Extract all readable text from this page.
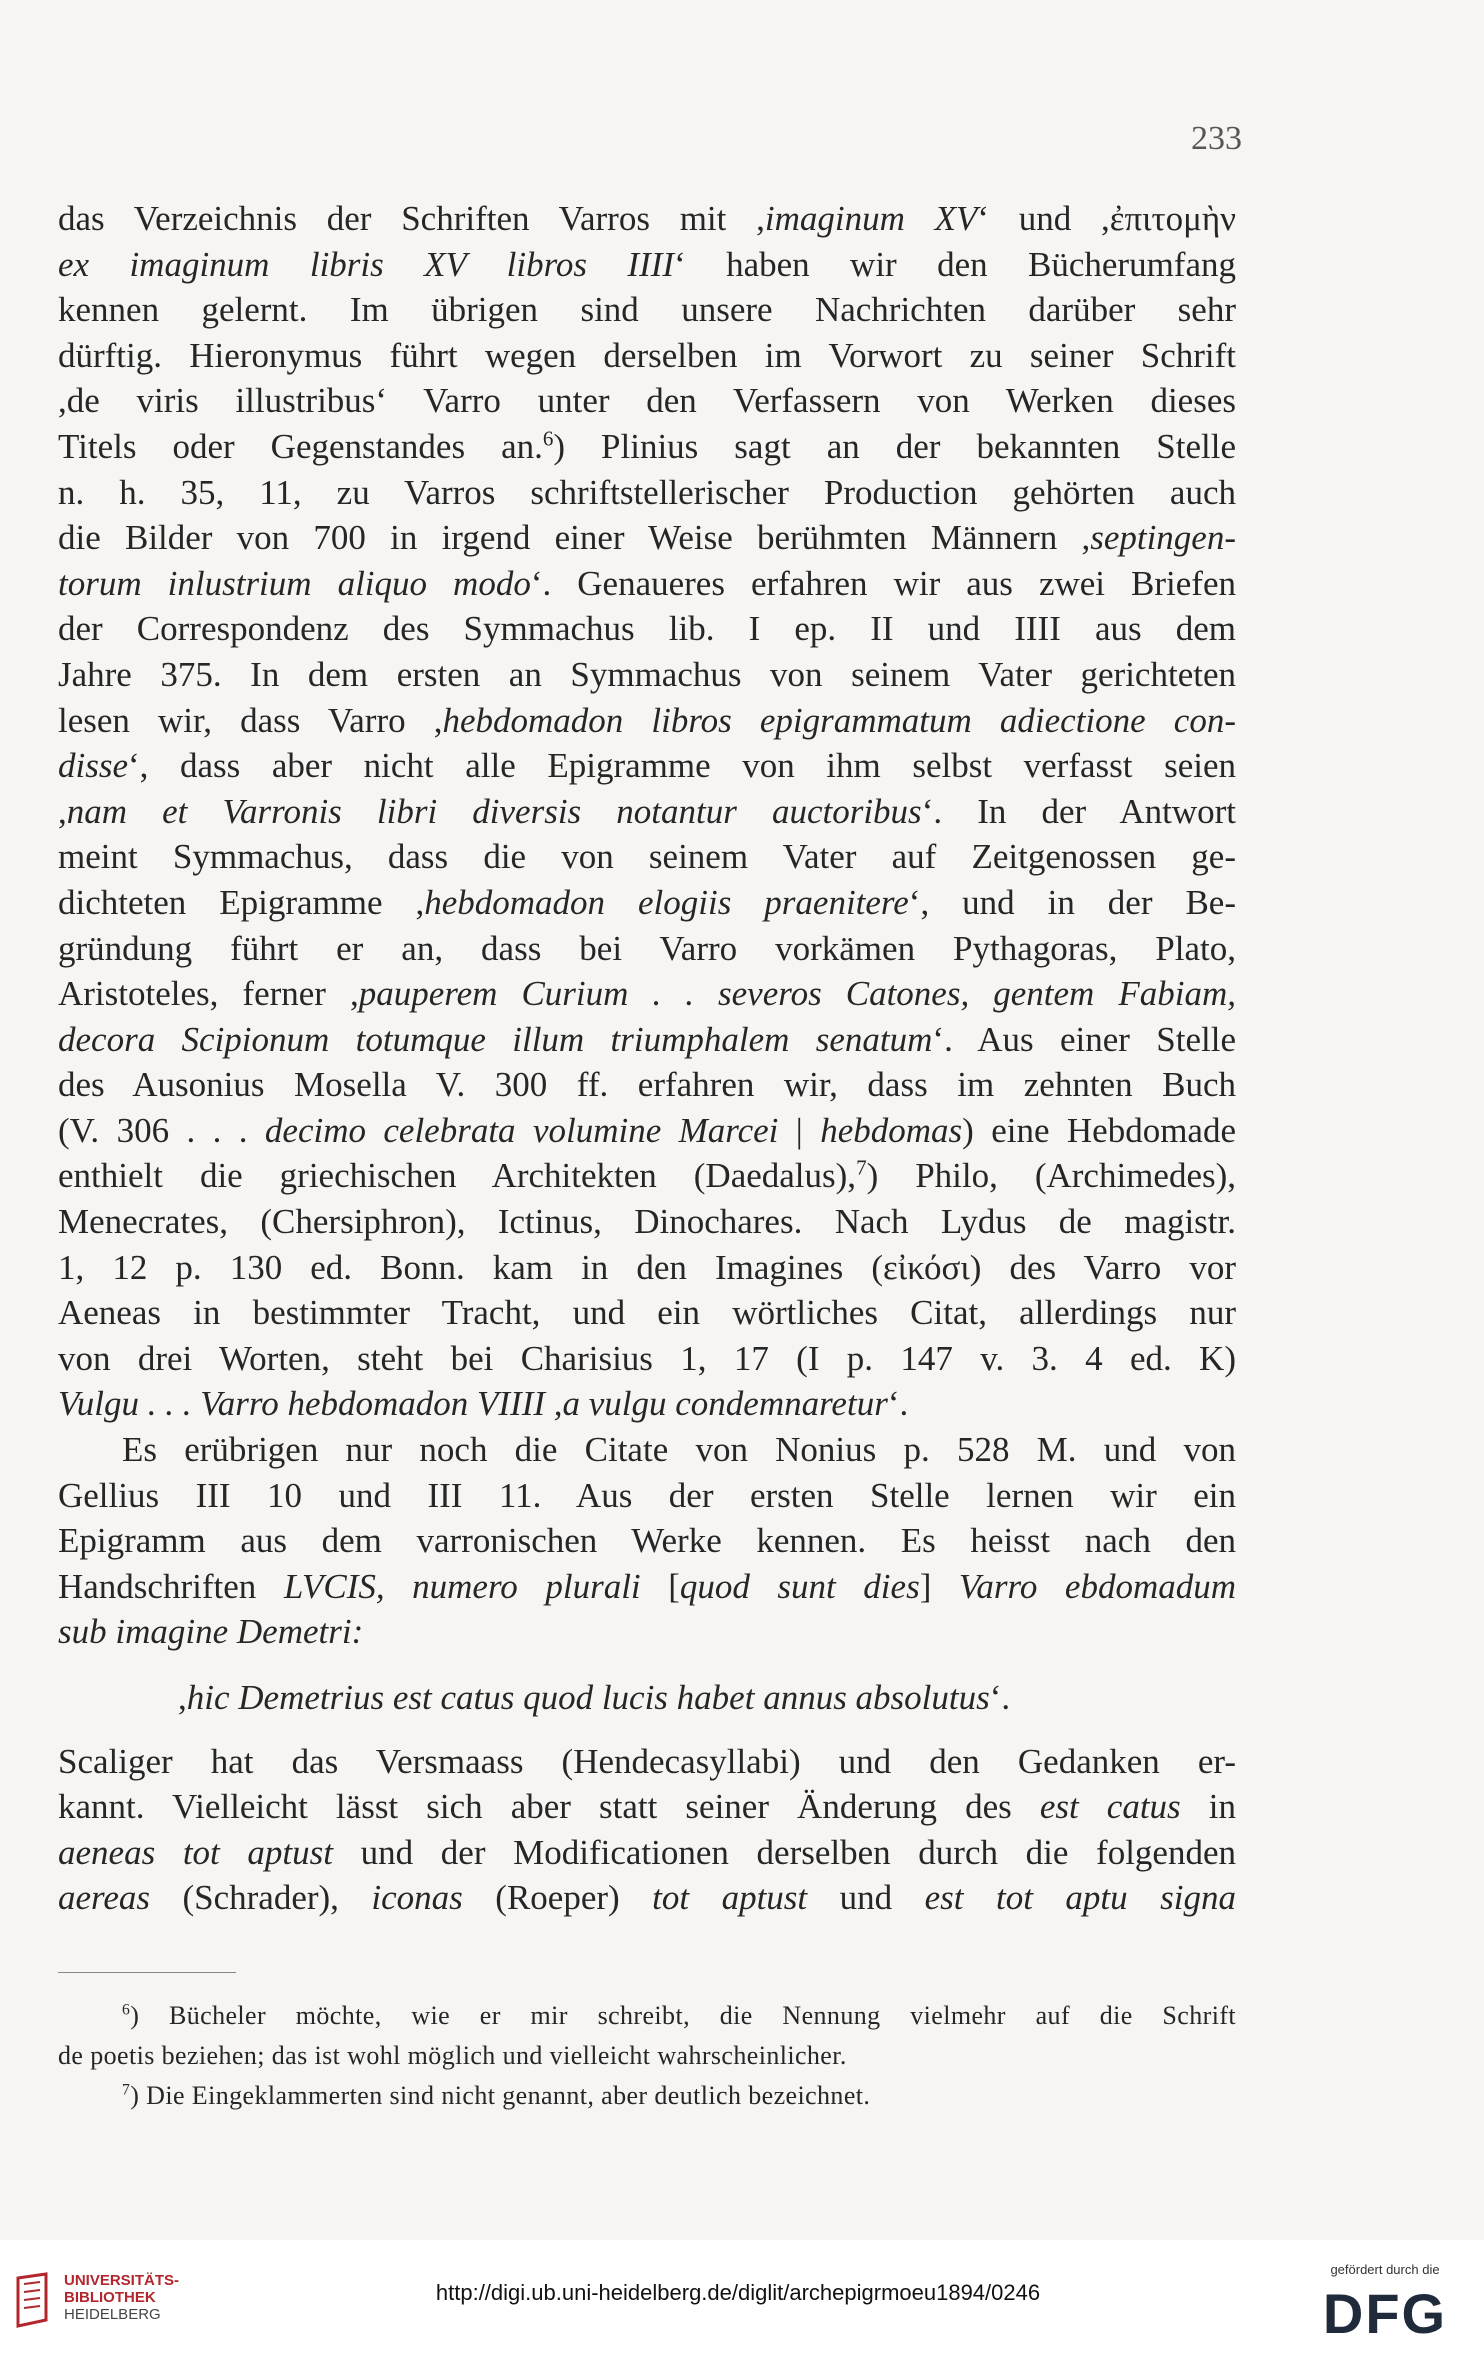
233
das Verzeichnis der Schriften Varros mit ,imaginum XV‘ und ,ἐπιτομὴν
ex imaginum libris XV libros IIII‘ haben wir den Bücherumfang
kennen gelernt. Im übrigen sind unsere Nachrichten darüber sehr
dürftig. Hieronymus führt wegen derselben im Vorwort zu seiner Schrift
,de viris illustribus‘ Varro unter den Verfassern von Werken dieses
Titels oder Gegenstandes an.$^6$) Plinius sagt an der bekannten Stelle
n. h. 35, 11, zu Varros schriftstellerischer Production gehörten auch
die Bilder von 700 in irgend einer Weise berühmten Männern ,septingen-
torum inlustrium aliquo modo‘. Genaueres erfahren wir aus zwei Briefen
der Correspondenz des Symmachus lib. I ep. II und IIII aus dem
Jahre 375. In dem ersten an Symmachus von seinem Vater gerichteten
lesen wir, dass Varro ,hebdomadon libros epigrammatum adiectione con-
disse‘, dass aber nicht alle Epigramme von ihm selbst verfasst seien
,nam et Varronis libri diversis notantur auctoribus‘. In der Antwort
meint Symmachus, dass die von seinem Vater auf Zeitgenossen ge-
dichteten Epigramme ,hebdomadon elogiis praenitere‘, und in der Be-
gründung führt er an, dass bei Varro vorkämen Pythagoras, Plato,
Aristoteles, ferner ,pauperem Curium . . severos Catones, gentem Fabiam,
decora Scipionum totumque illum triumphalem senatum‘. Aus einer Stelle
des Ausonius Mosella V. 300 ff. erfahren wir, dass im zehnten Buch
(V. 306 . . . decimo celebrata volumine Marcei | hebdomas) eine Hebdomade
enthielt die griechischen Architekten (Daedalus),$^7$) Philo, (Archimedes),
Menecrates, (Chersiphron), Ictinus, Dinochares. Nach Lydus de magistr.
1, 12 p. 130 ed. Bonn. kam in den Imagines (εἰκόσι) des Varro vor
Aeneas in bestimmter Tracht, und ein wörtliches Citat, allerdings nur
von drei Worten, steht bei Charisius 1, 17 (I p. 147 v. 3. 4 ed. K)
Vulgu . . . Varro hebdomadon VIIII ,a vulgu condemnaretur‘.
Es erübrigen nur noch die Citate von Nonius p. 528 M. und von
Gellius III 10 und III 11. Aus der ersten Stelle lernen wir ein
Epigramm aus dem varronischen Werke kennen. Es heisst nach den
Handschriften LVCIS, numero plurali [quod sunt dies] Varro ebdomadum
sub imagine Demetri:
,hic Demetrius est catus quod lucis habet annus absolutus‘.
Scaliger hat das Versmaass (Hendecasyllabi) und den Gedanken er-
kannt. Vielleicht lässt sich aber statt seiner Änderung des est catus in
aeneas tot aptust und der Modificationen derselben durch die folgenden
aereas (Schrader), iconas (Roeper) tot aptust und est tot aptu signa
$^6$) Bücheler möchte, wie er mir schreibt, die Nennung vielmehr auf die Schrift
de poetis beziehen; das ist wohl möglich und vielleicht wahrscheinlicher.
$^7$) Die Eingeklammerten sind nicht genannt, aber deutlich bezeichnet.
UNIVERSITÄTS-
BIBLIOTHEK
HEIDELBERG
http://digi.ub.uni-heidelberg.de/diglit/archepigrmoeu1894/0246
gefördert durch die
DFG
